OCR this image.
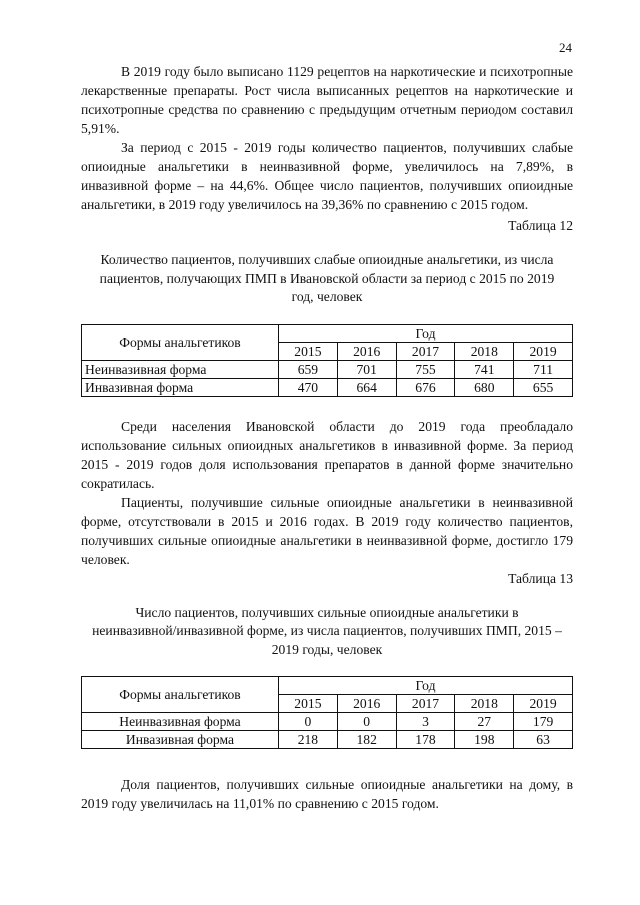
24

В 2019 году было выписано 1129 рецептов на наркотические и психотропные лекарственные препараты. Рост числа выписанных рецептов на наркотические и психотропные средства по сравнению с предыдущим отчетным периодом составил 5,91%.

За период с 2015 - 2019 годы количество пациентов, получивших слабые опиоидные анальгетики в неинвазивной форме, увеличилось на 7,89%, в инвазивной форме – на 44,6%. Общее число пациентов, получивших опиоидные анальгетики, в 2019 году увеличилось на 39,36% по сравнению с 2015 годом.

Таблица 12

Количество пациентов, получивших слабые опиоидные анальгетики, из числа пациентов, получающих ПМП в Ивановской области за период с 2015 по 2019 год, человек

Формы анальгетиков	Год				
	2015	2016	2017	2018	2019
Неинвазивная форма	659	701	755	741	711
Инвазивная форма	470	664	676	680	655

Среди населения Ивановской области до 2019 года преобладало использование сильных опиоидных анальгетиков в инвазивной форме. За период 2015 - 2019 годов доля использования препаратов в данной форме значительно сократилась.

Пациенты, получившие сильные опиоидные анальгетики в неинвазивной форме, отсутствовали в 2015 и 2016 годах. В 2019 году количество пациентов, получивших сильные опиоидные анальгетики в неинвазивной форме, достигло 179 человек.

Таблица 13

Число пациентов, получивших сильные опиоидные анальгетики в неинвазивной/инвазивной форме, из числа пациентов, получивших ПМП, 2015 – 2019 годы, человек

Формы анальгетиков	Год				
	2015	2016	2017	2018	2019
Неинвазивная форма	0	0	3	27	179
Инвазивная форма	218	182	178	198	63

Доля пациентов, получивших сильные опиоидные анальгетики на дому, в 2019 году увеличилась на 11,01% по сравнению с 2015 годом.
